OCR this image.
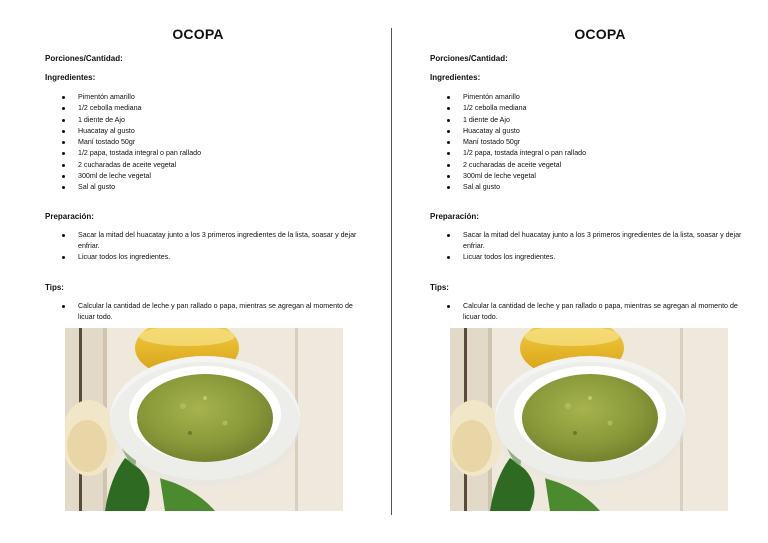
OCOPA
Porciones/Cantidad:
Ingredientes:
Pimentón amarillo
1/2 cebolla mediana
1 diente de Ajo
Huacatay al gusto
Maní tostado 50gr
1/2 papa, tostada integral o pan rallado
2 cucharadas de aceite vegetal
300ml de leche vegetal
Sal al gusto
Preparación:
Sacar la mitad del huacatay junto a los 3 primeros ingredientes de la lista, soasar y dejar enfriar.
Licuar todos los ingredientes.
Tips:
Calcular la cantidad de leche y pan rallado o papa, mientras se agregan al momento de licuar todo.
OCOPA
Porciones/Cantidad:
Ingredientes:
Pimentón amarillo
1/2 cebolla mediana
1 diente de Ajo
Huacatay al gusto
Maní tostado 50gr
1/2 papa, tostada integral o pan rallado
2 cucharadas de aceite vegetal
300ml de leche vegetal
Sal al gusto
Preparación:
Sacar la mitad del huacatay junto a los 3 primeros ingredientes de la lista, soasar y dejar enfriar.
Licuar todos los ingredientes.
Tips:
Calcular la cantidad de leche y pan rallado o papa, mientras se agregan al momento de licuar todo.
